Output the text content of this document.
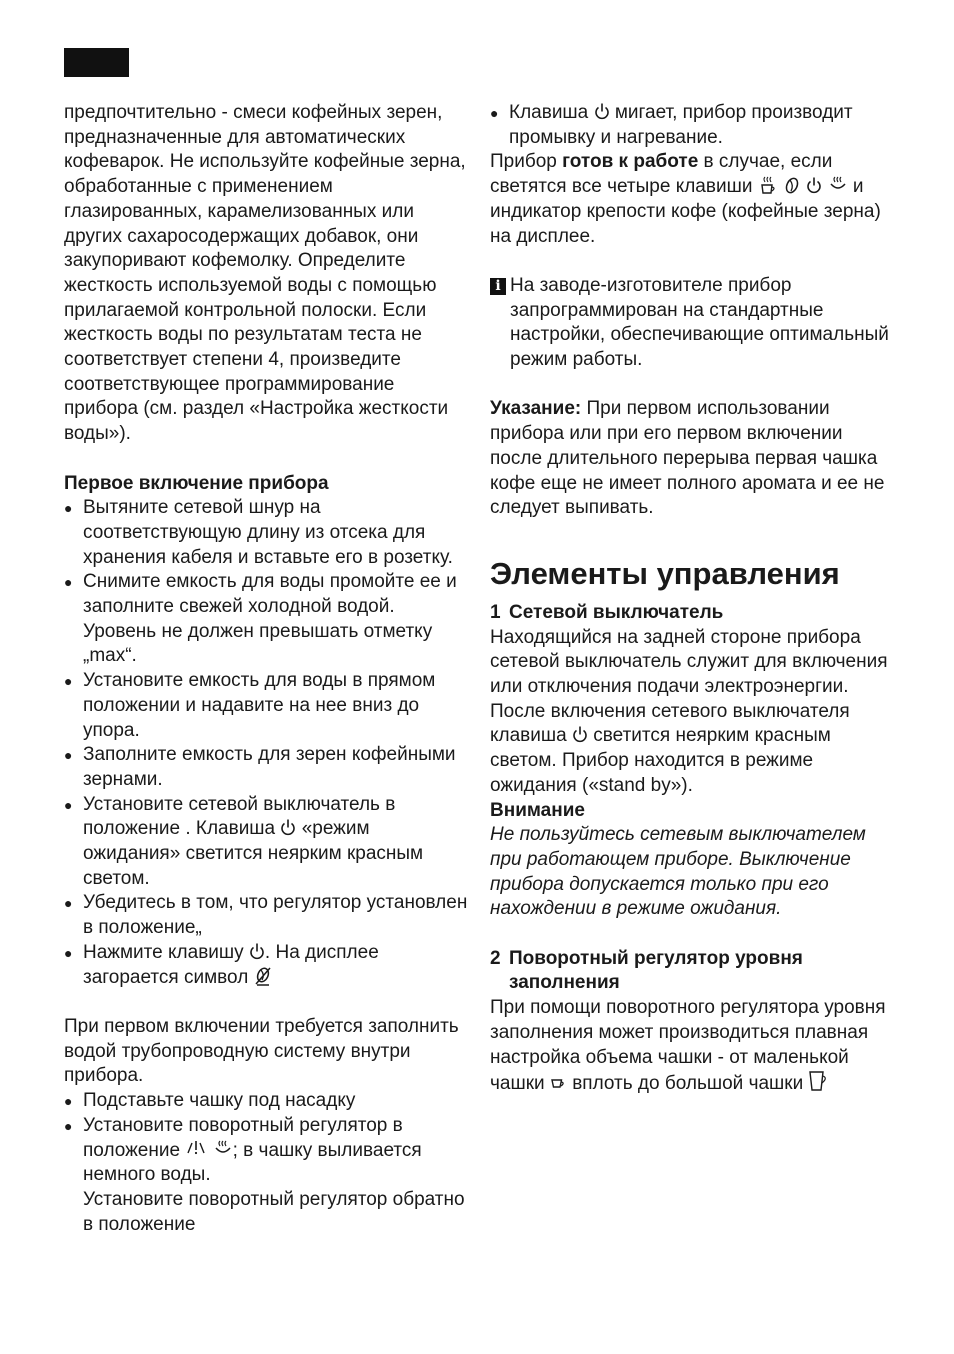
предпочтительно - смеси кофейных зерен, предназначенные для автоматических кофеварок. Не используйте кофейные зерна, обработанные с применением глазированных, карамелизованных или других сахаросодержащих добавок, они закупоривают кофемолку. Определите жесткость используемой воды с помощью прилагаемой контрольной полоски. Если жесткость воды по результатам теста не соответствует степени 4, произведите соответствующее программирование прибора (см. раздел «Настройка жесткости воды»).

Первое включение прибора

● Вытяните сетевой шнур на соответствующую длину из отсека для хранения кабеля и вставьте его в розетку.

● Снимите емкость для воды промойте ее и заполните свежей холодной водой. Уровень не должен превышать отметку „max“.

● Установите емкость для воды в прямом положении и надавите на нее вниз до упора.

● Заполните емкость для зерен кофейными зернами.

● Установите сетевой выключатель в положение . Клавиша «режим ожидания» светится неярким красным светом.

● Убедитесь в том, что регулятор установлен в положение„

● Нажмите клавишу . На дисплее загорается символ

При первом включении требуется заполнить водой трубопроводную систему внутри прибора.

● Подставьте чашку под насадку

● Установите поворотный регулятор в положение
	; в чашку выливается немного воды.

Установите поворотный регулятор обратно в положение

● Клавиша мигает, прибор производит промывку и нагревание.

Прибор готов к работе в случае, если светятся все четыре клавиши

	и индикатор крепости кофе (кофейные зерна) на дисплее.

i На заводе-изготовителе прибор запрограммирован на стандартные настройки, обеспечивающие оптимальный режим работы.

Указание: При первом использовании прибора или при его первом включении после длительного перерыва первая чашка кофе еще не имеет полного аромата и ее не следует выпивать.

Элементы управления

1 Сетевой выключатель

Находящийся на задней стороне прибора сетевой выключатель служит для включения или отключения подачи электроэнергии.

После включения сетевого выключателя клавиша светится неярким красным светом. Прибор находится в режиме ожидания («stand by»).

Внимание

Не пользуйтесь сетевым выключателем при работающем приборе. Выключение прибора допускается только при его нахождении в режиме ожидания.

2 Поворотный регулятор уровня заполнения

При помощи поворотного регулятора уровня заполнения может производиться плавная настройка объема чашки - от маленькой чашки вплоть до большой чашки
